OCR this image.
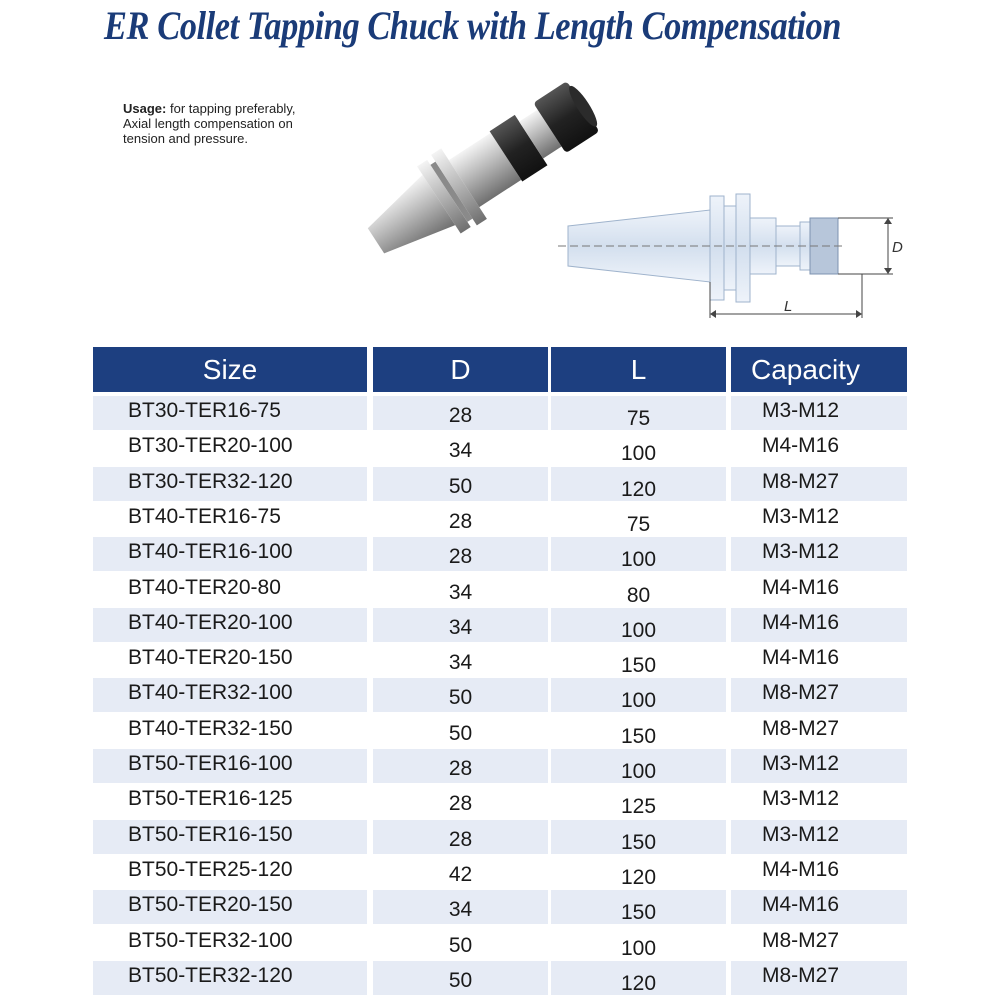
ER Collet Tapping Chuck with Length Compensation
Usage: for tapping preferably,
Axial length compensation on
tension and pressure.
D
L
Size	D	L	Capacity
BT30-TER16-75	28	75	M3-M12
BT30-TER20-100	34	100	M4-M16
BT30-TER32-120	50	120	M8-M27
BT40-TER16-75	28	75	M3-M12
BT40-TER16-100	28	100	M3-M12
BT40-TER20-80	34	80	M4-M16
BT40-TER20-100	34	100	M4-M16
BT40-TER20-150	34	150	M4-M16
BT40-TER32-100	50	100	M8-M27
BT40-TER32-150	50	150	M8-M27
BT50-TER16-100	28	100	M3-M12
BT50-TER16-125	28	125	M3-M12
BT50-TER16-150	28	150	M3-M12
BT50-TER25-120	42	120	M4-M16
BT50-TER20-150	34	150	M4-M16
BT50-TER32-100	50	100	M8-M27
BT50-TER32-120	50	120	M8-M27
